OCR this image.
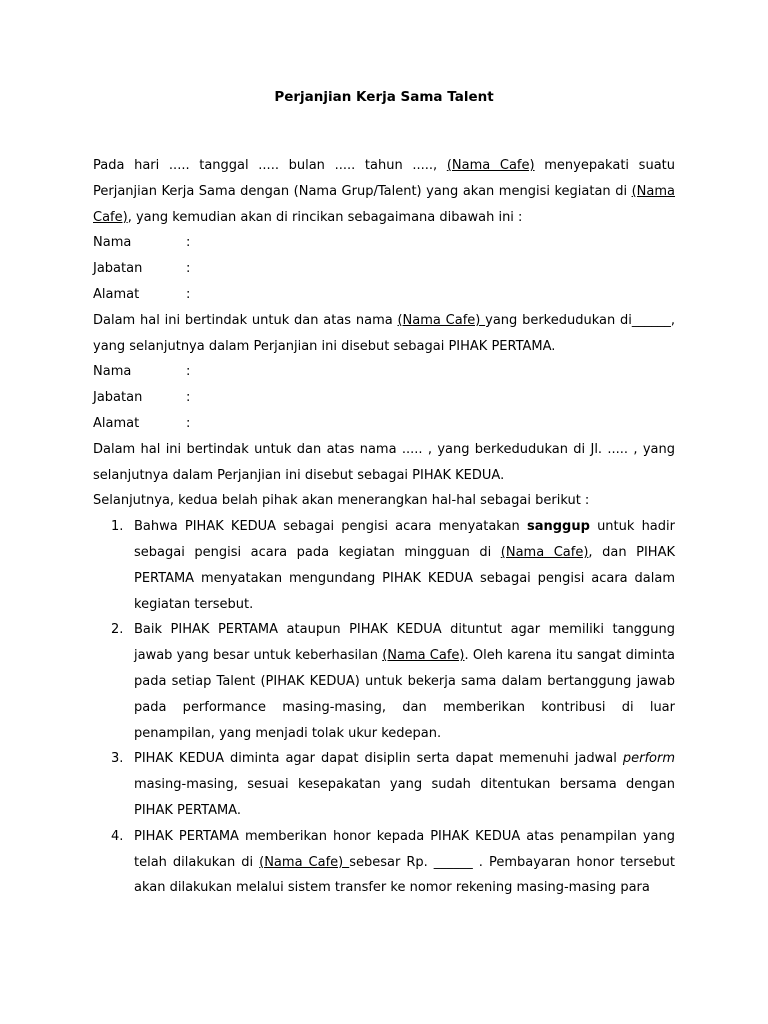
Perjanjian Kerja Sama Talent

Pada hari ..... tanggal ..... bulan ..... tahun ....., (Nama Cafe) menyepakati suatu Perjanjian Kerja Sama dengan (Nama Grup/Talent) yang akan mengisi kegiatan di (Nama Cafe), yang kemudian akan di rincikan sebagaimana dibawah ini :

Nama	:
Jabatan	:
Alamat	:

Dalam hal ini bertindak untuk dan atas nama (Nama Cafe) yang berkedudukan di______, yang selanjutnya dalam Perjanjian ini disebut sebagai PIHAK PERTAMA.

Nama	:
Jabatan	:
Alamat	:

Dalam hal ini bertindak untuk dan atas nama ..... , yang berkedudukan di Jl. ..... , yang selanjutnya dalam Perjanjian ini disebut sebagai PIHAK KEDUA.

Selanjutnya, kedua belah pihak akan menerangkan hal-hal sebagai berikut :

1. Bahwa PIHAK KEDUA sebagai pengisi acara menyatakan sanggup untuk hadir sebagai pengisi acara pada kegiatan mingguan di (Nama Cafe), dan PIHAK PERTAMA menyatakan mengundang PIHAK KEDUA sebagai pengisi acara dalam kegiatan tersebut.
2. Baik PIHAK PERTAMA ataupun PIHAK KEDUA dituntut agar memiliki tanggung jawab yang besar untuk keberhasilan (Nama Cafe). Oleh karena itu sangat diminta pada setiap Talent (PIHAK KEDUA) untuk bekerja sama dalam bertanggung jawab pada performance masing-masing, dan memberikan kontribusi di luar penampilan, yang menjadi tolak ukur kedepan.
3. PIHAK KEDUA diminta agar dapat disiplin serta dapat memenuhi jadwal perform masing-masing, sesuai kesepakatan yang sudah ditentukan bersama dengan PIHAK PERTAMA.
4. PIHAK PERTAMA memberikan honor kepada PIHAK KEDUA atas penampilan yang telah dilakukan di (Nama Cafe) sebesar Rp. ______ . Pembayaran honor tersebut akan dilakukan melalui sistem transfer ke nomor rekening masing-masing para
